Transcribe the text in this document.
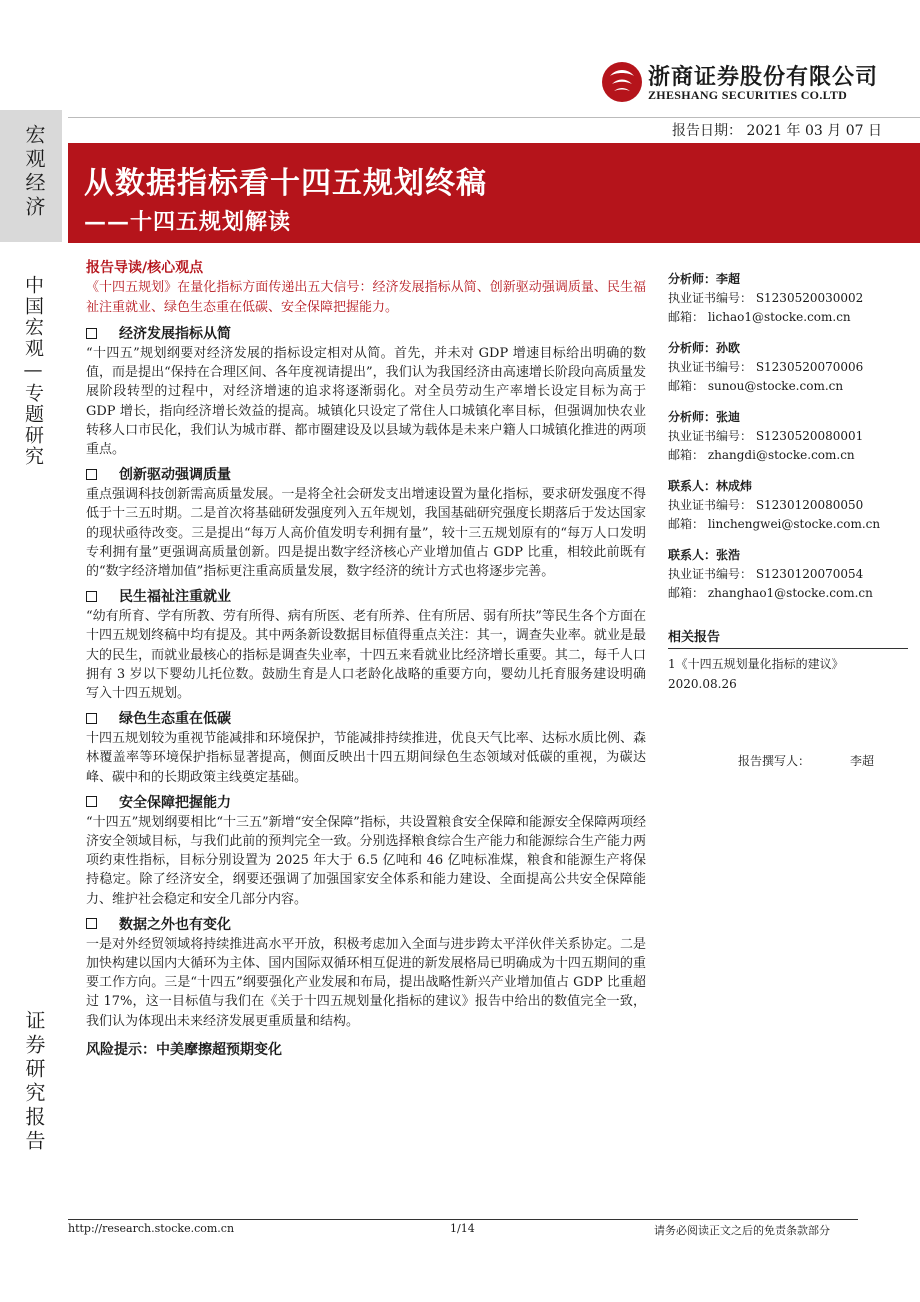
浙商证券股份有限公司
ZHESHANG SECURITIES CO.LTD
宏观经济
中国宏观—专题研究
证券研究报告
报告日期： 2021 年 03 月 07 日
从数据指标看十四五规划终稿
——十四五规划解读

报告导读/核心观点

《十四五规划》在量化指标方面传递出五大信号：经济发展指标从简、创新驱动强调质量、民生福祉注重就业、绿色生态重在低碳、安全保障把握能力。

经济发展指标从简

“十四五”规划纲要对经济发展的指标设定相对从简。首先，并未对 GDP 增速目标给出明确的数值，而是提出“保持在合理区间、各年度视请提出”，我们认为我国经济由高速增长阶段向高质量发展阶段转型的过程中，对经济增速的追求将逐渐弱化。对全员劳动生产率增长设定目标为高于 GDP 增长，指向经济增长效益的提高。城镇化只设定了常住人口城镇化率目标，但强调加快农业转移人口市民化，我们认为城市群、都市圈建设及以县域为载体是未来户籍人口城镇化推进的两项重点。

创新驱动强调质量

重点强调科技创新需高质量发展。一是将全社会研发支出增速设置为量化指标，要求研发强度不得低于十三五时期。二是首次将基础研发强度列入五年规划，我国基础研究强度长期落后于发达国家的现状亟待改变。三是提出“每万人高价值发明专利拥有量”，较十三五规划原有的“每万人口发明专利拥有量”更强调高质量创新。四是提出数字经济核心产业增加值占 GDP 比重，相较此前既有的“数字经济增加值”指标更注重高质量发展，数字经济的统计方式也将逐步完善。

民生福祉注重就业

“幼有所育、学有所教、劳有所得、病有所医、老有所养、住有所居、弱有所扶”等民生各个方面在十四五规划终稿中均有提及。其中两条新设数据目标值得重点关注：其一，调查失业率。就业是最大的民生，而就业最核心的指标是调查失业率，十四五来看就业比经济增长重要。其二，每千人口拥有 3 岁以下婴幼儿托位数。鼓励生育是人口老龄化战略的重要方向，婴幼儿托育服务建设明确写入十四五规划。

绿色生态重在低碳

十四五规划较为重视节能减排和环境保护，节能减排持续推进，优良天气比率、达标水质比例、森林覆盖率等环境保护指标显著提高，侧面反映出十四五期间绿色生态领域对低碳的重视，为碳达峰、碳中和的长期政策主线奠定基础。

安全保障把握能力

“十四五”规划纲要相比“十三五”新增“安全保障”指标，共设置粮食安全保障和能源安全保障两项经济安全领域目标，与我们此前的预判完全一致。分别选择粮食综合生产能力和能源综合生产能力两项约束性指标，目标分别设置为 2025 年大于 6.5 亿吨和 46 亿吨标准煤，粮食和能源生产将保持稳定。除了经济安全，纲要还强调了加强国家安全体系和能力建设、全面提高公共安全保障能力、维护社会稳定和安全几部分内容。

数据之外也有变化

一是对外经贸领域将持续推进高水平开放，积极考虑加入全面与进步跨太平洋伙伴关系协定。二是加快构建以国内大循环为主体、国内国际双循环相互促进的新发展格局已明确成为十四五期间的重要工作方向。三是“十四五”纲要强化产业发展和布局，提出战略性新兴产业增加值占 GDP 比重超过 17%，这一目标值与我们在《关于十四五规划量化指标的建议》报告中给出的数值完全一致，我们认为体现出未来经济发展更重质量和结构。

风险提示：中美摩擦超预期变化

分析师：李超

执业证书编号： S1230520030002

邮箱： lichao1@stocke.com.cn

分析师：孙欧

执业证书编号： S1230520070006

邮箱： sunou@stocke.com.cn

分析师：张迪

执业证书编号： S1230520080001

邮箱： zhangdi@stocke.com.cn

联系人：林成炜

执业证书编号： S1230120080050

邮箱： linchengwei@stocke.com.cn

联系人：张浩

执业证书编号： S1230120070054

邮箱： zhanghao1@stocke.com.cn

相关报告
1《十四五规划量化指标的建议》
2020.08.26
报告撰写人：	李超
http://research.stocke.com.cn	1/14	请务必阅读正文之后的免责条款部分
